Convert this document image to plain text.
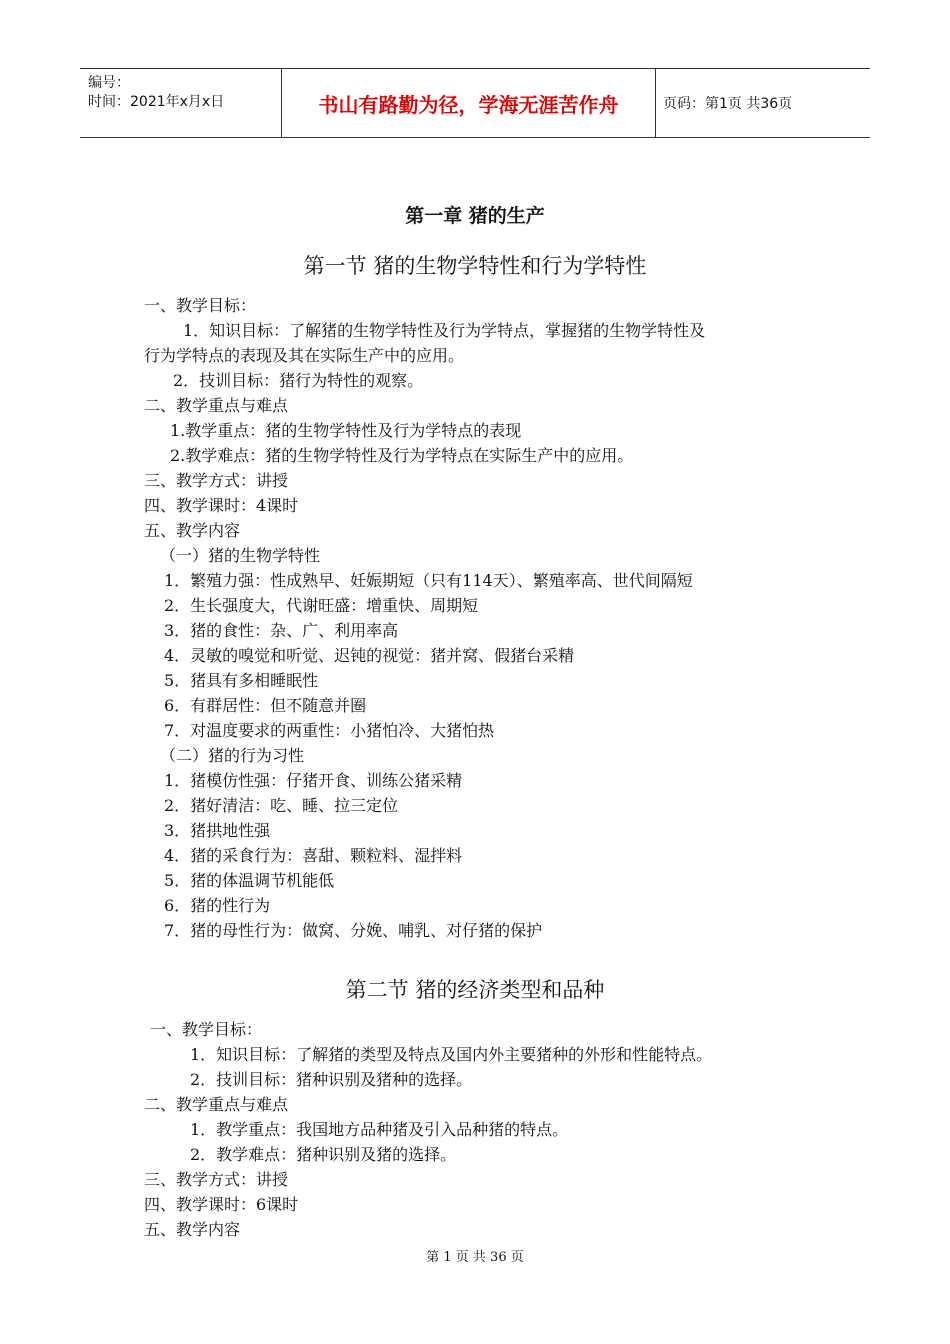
编号：
时间：2021年x月x日	书山有路勤为径，学海无涯苦作舟	页码：第1页 共36页
第一章 猪的生产
第一节 猪的生物学特性和行为学特性
一、教学目标：
1．知识目标：了解猪的生物学特性及行为学特点，掌握猪的生物学特性及
行为学特点的表现及其在实际生产中的应用。
2．技训目标：猪行为特性的观察。
二、教学重点与难点
1.教学重点：猪的生物学特性及行为学特点的表现
2.教学难点：猪的生物学特性及行为学特点在实际生产中的应用。
三、教学方式：讲授
四、教学课时：4课时
五、教学内容
（一）猪的生物学特性
1．繁殖力强：性成熟早、妊娠期短（只有114天）、繁殖率高、世代间隔短
2．生长强度大，代谢旺盛：增重快、周期短
3．猪的食性：杂、广、利用率高
4．灵敏的嗅觉和听觉、迟钝的视觉：猪并窝、假猪台采精
5．猪具有多相睡眠性
6．有群居性：但不随意并圈
7．对温度要求的两重性：小猪怕冷、大猪怕热
（二）猪的行为习性
1．猪模仿性强：仔猪开食、训练公猪采精
2．猪好清洁：吃、睡、拉三定位
3．猪拱地性强
4．猪的采食行为：喜甜、颗粒料、湿拌料
5．猪的体温调节机能低
6．猪的性行为
7．猪的母性行为：做窝、分娩、哺乳、对仔猪的保护
第二节 猪的经济类型和品种
一、教学目标：
1．知识目标：了解猪的类型及特点及国内外主要猪种的外形和性能特点。
2．技训目标：猪种识别及猪种的选择。
二、教学重点与难点
1．教学重点：我国地方品种猪及引入品种猪的特点。
2．教学难点：猪种识别及猪的选择。
三、教学方式：讲授
四、教学课时：6课时
五、教学内容
第 1 页 共 36 页
